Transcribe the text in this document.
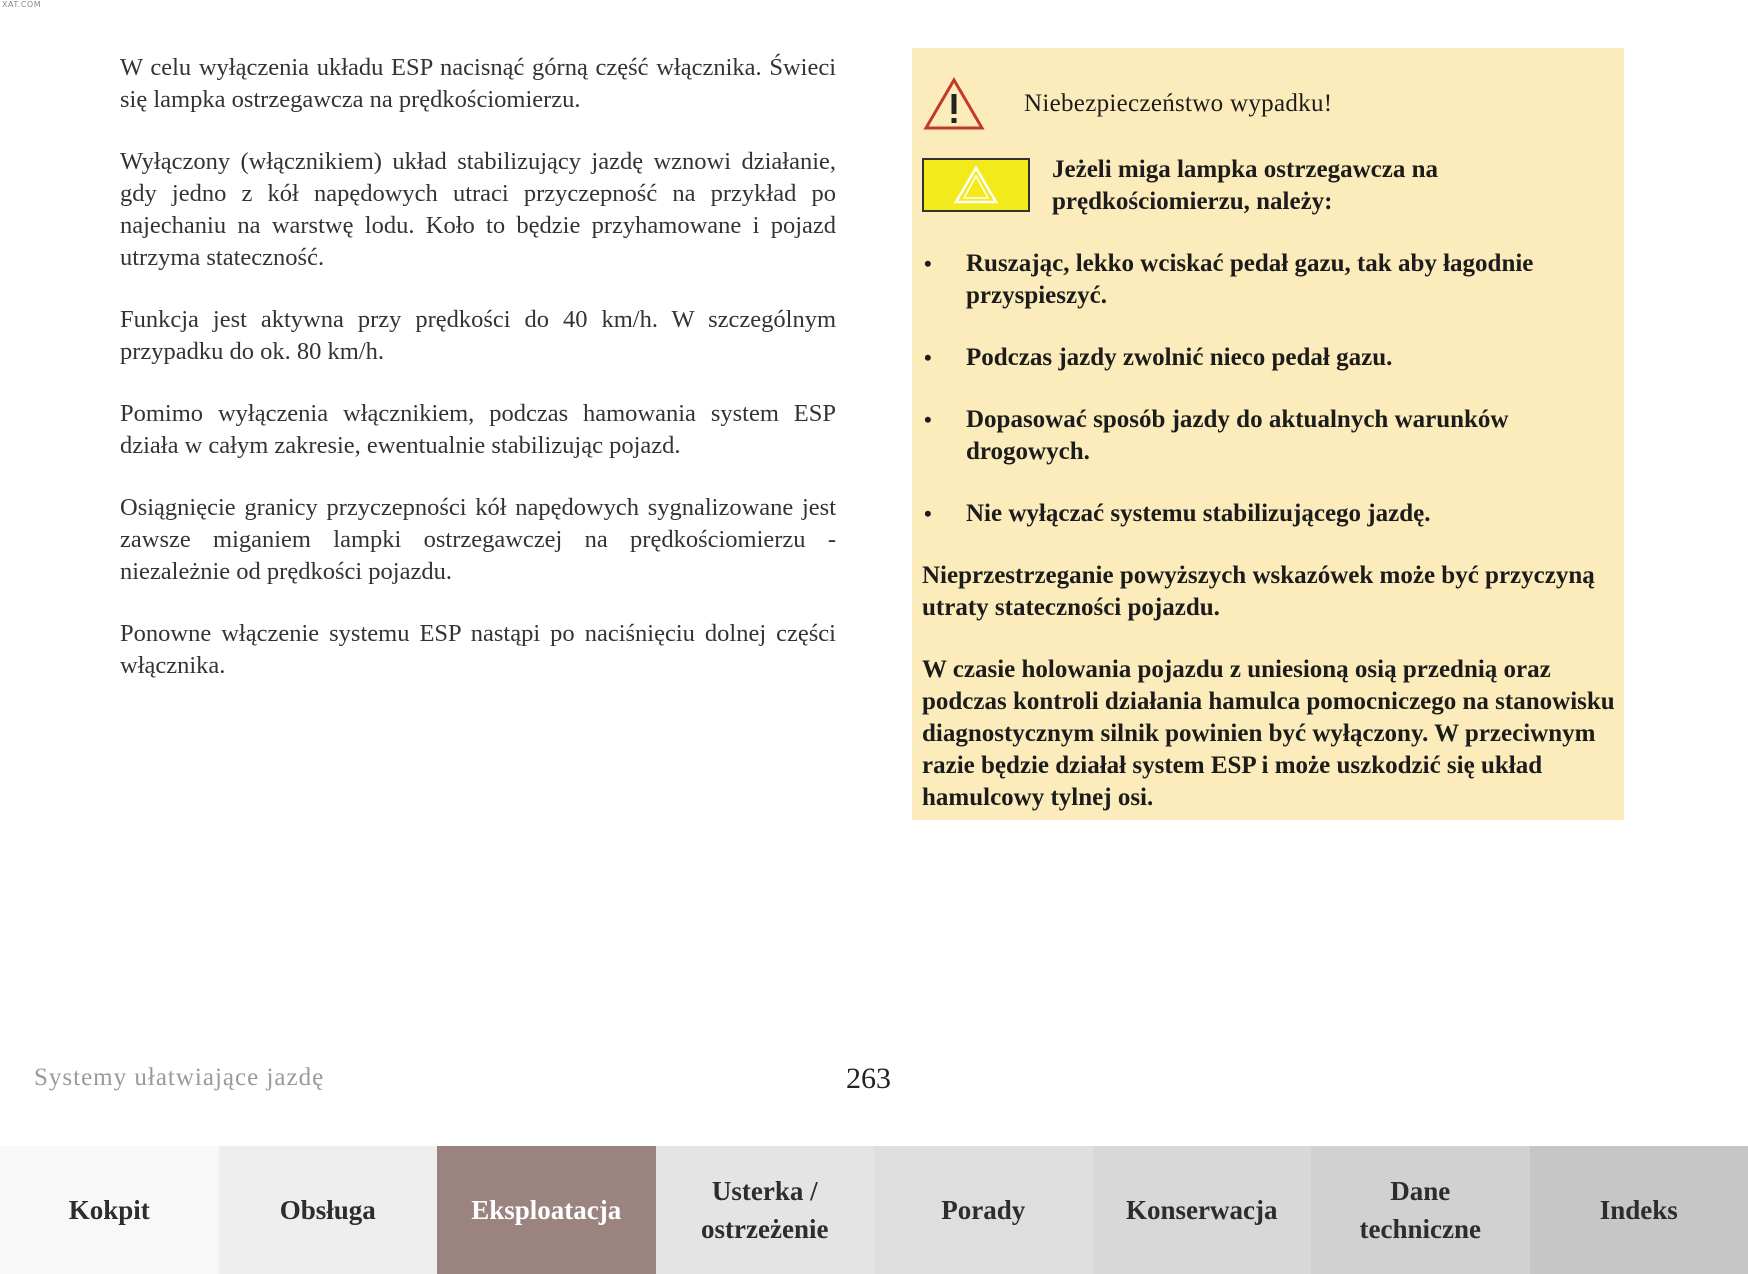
XAT.COM

W celu wyłączenia układu ESP nacisnąć górną część włącznika. Świeci się lampka ostrzegawcza na prędkościomierzu.

Wyłączony (włącznikiem) układ stabilizujący jazdę wznowi działanie, gdy jedno z kół napędowych utraci przyczepność na przykład po najechaniu na warstwę lodu. Koło to będzie przyhamowane i pojazd utrzyma stateczność.

Funkcja jest aktywna przy prędkości do 40 km/h. W szczególnym przypadku do ok. 80 km/h.

Pomimo wyłączenia włącznikiem, podczas hamowania system ESP działa w całym zakresie, ewentualnie stabilizując pojazd.

Osiągnięcie granicy przyczepności kół napędowych sygnalizowane jest zawsze miganiem lampki ostrzegawczej na prędkościomierzu - niezależnie od prędkości pojazdu.

Ponowne włączenie systemu ESP nastąpi po naciśnięciu dolnej części włącznika.

Niebezpieczeństwo wypadku!
Jeżeli miga lampka ostrzegawcza na prędkościomierzu, należy:
• Ruszając, lekko wciskać pedał gazu, tak aby łagodnie przyspieszyć.
• Podczas jazdy zwolnić nieco pedał gazu.
• Dopasować sposób jazdy do aktualnych warunków drogowych.
• Nie wyłączać systemu stabilizującego jazdę.

Nieprzestrzeganie powyższych wskazówek może być przyczyną utraty stateczności pojazdu.

W czasie holowania pojazdu z uniesioną osią przednią oraz podczas kontroli działania hamulca pomocniczego na stanowisku diagnostycznym silnik powinien być wyłączony. W przeciwnym razie będzie działał system ESP i może uszkodzić się układ hamulcowy tylnej osi.

Systemy ułatwiające jazdę	263
Kokpit	Obsługa	Eksploatacja
Usterka /
ostrzeżenie
Porady	Konserwacja
Dane
techniczne
Indeks
